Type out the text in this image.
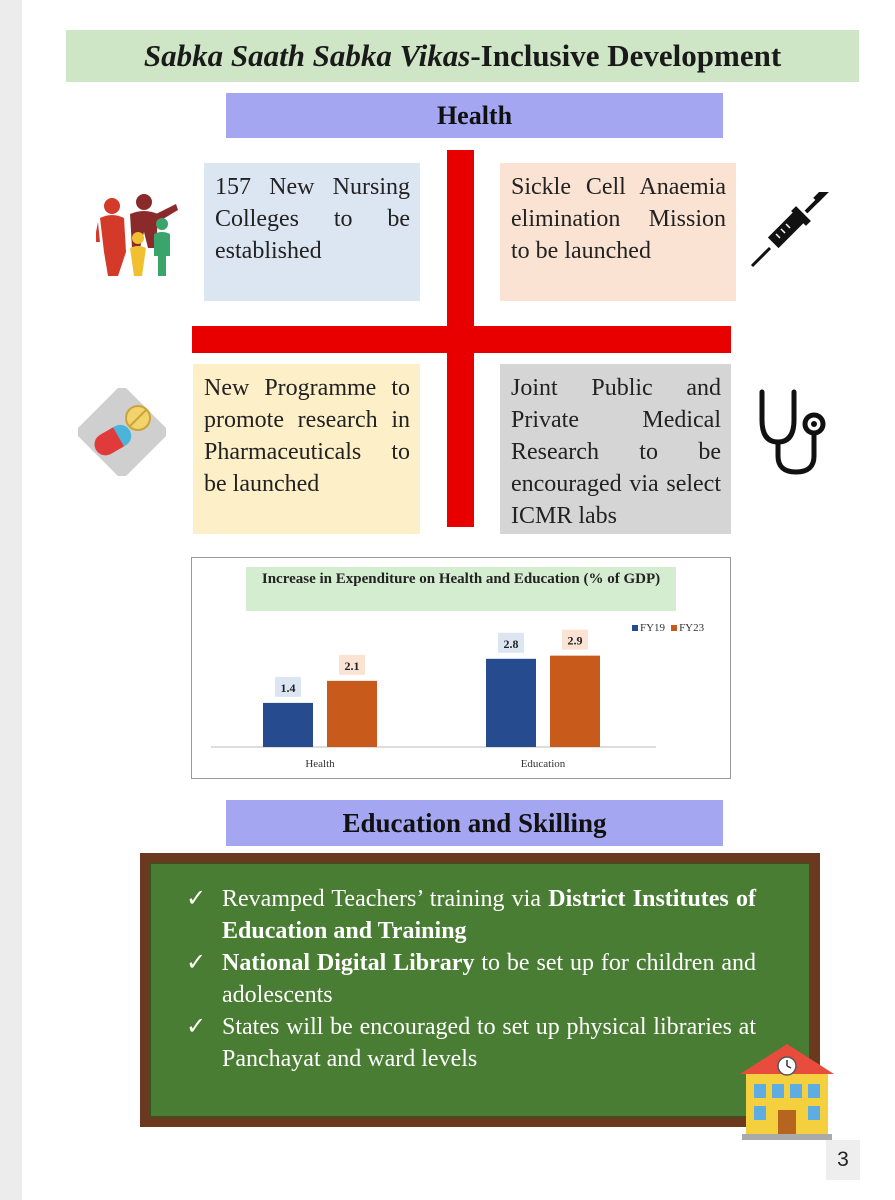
Sabka Saath Sabka Vikas -Inclusive Development
Health
157 New Nursing Colleges to be established
Sickle Cell Anaemia elimination Mission to be launched
New Programme to promote research in Pharmaceuticals to be launched
Joint Public and Private Medical Research to be encouraged via select ICMR labs
Increase in Expenditure on Health and Education (% of GDP)
FY19	FY23
1.4
2.1
Health
2.8	2.9
Education
Education and Skilling
✓ Revamped Teachers’ training via District Institutes of Education and Training
✓ National Digital Library to be set up for children and adolescents
✓ States will be encouraged to set up physical libraries at Panchayat and ward levels
3
